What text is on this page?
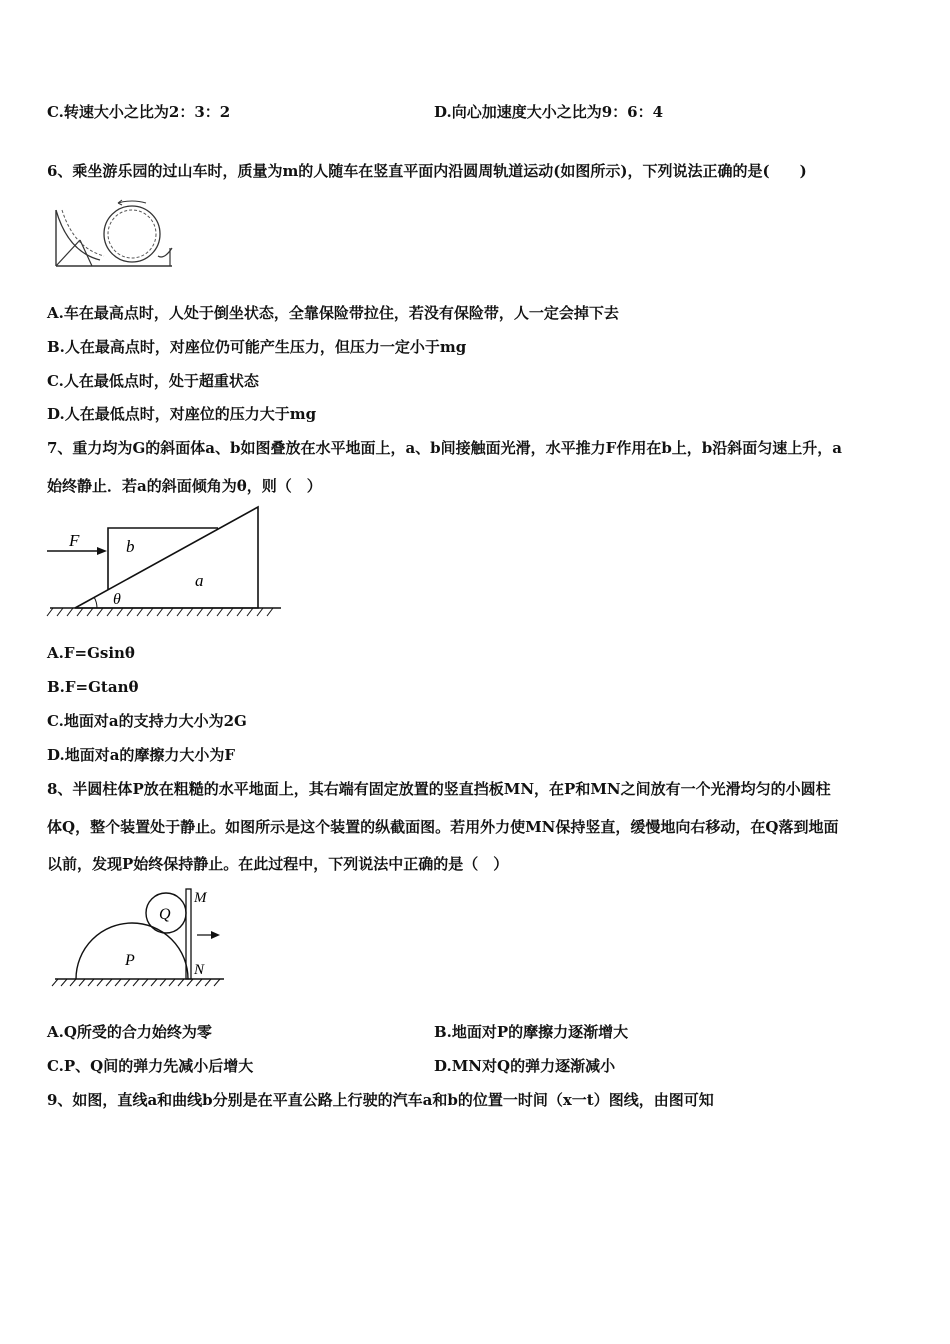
C.转速大小之比为2：3：2	D.向心加速度大小之比为9：6：4
6、乘坐游乐园的过山车时，质量为m的人随车在竖直平面内沿圆周轨道运动(如图所示)，下列说法正确的是(　　)
A.车在最高点时，人处于倒坐状态，全靠保险带拉住，若没有保险带，人一定会掉下去
B.人在最高点时，对座位仍可能产生压力，但压力一定小于mg
C.人在最低点时，处于超重状态
D.人在最低点时，对座位的压力大于mg
7、重力均为G的斜面体a、b如图叠放在水平地面上，a、b间接触面光滑，水平推力F作用在b上，b沿斜面匀速上升，a
始终静止．若a的斜面倾角为θ，则（　）
F	b
a
θ
A.F=Gsinθ
B.F=Gtanθ
C.地面对a的支持力大小为2G
D.地面对a的摩擦力大小为F
8、半圆柱体P放在粗糙的水平地面上，其右端有固定放置的竖直挡板MN，在P和MN之间放有一个光滑均匀的小圆柱
体Q，整个装置处于静止。如图所示是这个装置的纵截面图。若用外力使MN保持竖直，缓慢地向右移动，在Q落到地面
以前，发现P始终保持静止。在此过程中，下列说法中正确的是（　）
P
Q
M
N
A.Q所受的合力始终为零	B.地面对P的摩擦力逐渐增大
C.P、Q间的弹力先减小后增大	D.MN对Q的弹力逐渐减小
9、如图，直线a和曲线b分别是在平直公路上行驶的汽车a和b的位置一时间（x一t）图线，由图可知
